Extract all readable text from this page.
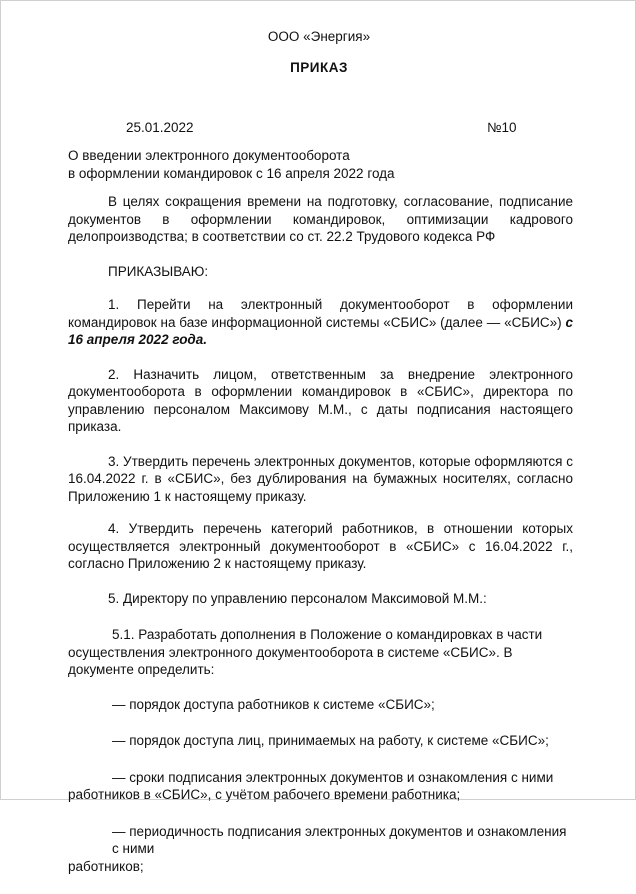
ООО «Энергия»
ПРИКАЗ
25.01.2022	№10
О введении электронного документооборота
в оформлении командировок с 16 апреля 2022 года

В целях сокращения времени на подготовку, согласование, подписание документов в оформлении командировок, оптимизации кадрового делопроизводства; в соответствии со ст. 22.2 Трудового кодекса РФ

ПРИКАЗЫВАЮ:

1. Перейти на электронный документооборот в оформлении командировок на базе информационной системы «СБИС» (далее — «СБИС») с 16 апреля 2022 года.

2. Назначить лицом, ответственным за внедрение электронного документооборота в оформлении командировок в «СБИС», директора по управлению персоналом Максимову М.М., с даты подписания настоящего приказа.

3. Утвердить перечень электронных документов, которые оформляются с 16.04.2022 г. в «СБИС», без дублирования на бумажных носителях, согласно Приложению 1 к настоящему приказу.

4. Утвердить перечень категорий работников, в отношении которых осуществляется электронный документооборот в «СБИС» с 16.04.2022 г., согласно Приложению 2 к настоящему приказу.

5. Директору по управлению персоналом Максимовой М.М.:
5.1. Разработать дополнения в Положение о командировках в части
осуществления электронного документооборота в системе «СБИС». В документе определить:
— порядок доступа работников к системе «СБИС»;
— порядок доступа лиц, принимаемых на работу, к системе «СБИС»;
— сроки подписания электронных документов и ознакомления с ними
работников в «СБИС», с учётом рабочего времени работника;
— периодичность подписания электронных документов и ознакомления с ними
работников;
